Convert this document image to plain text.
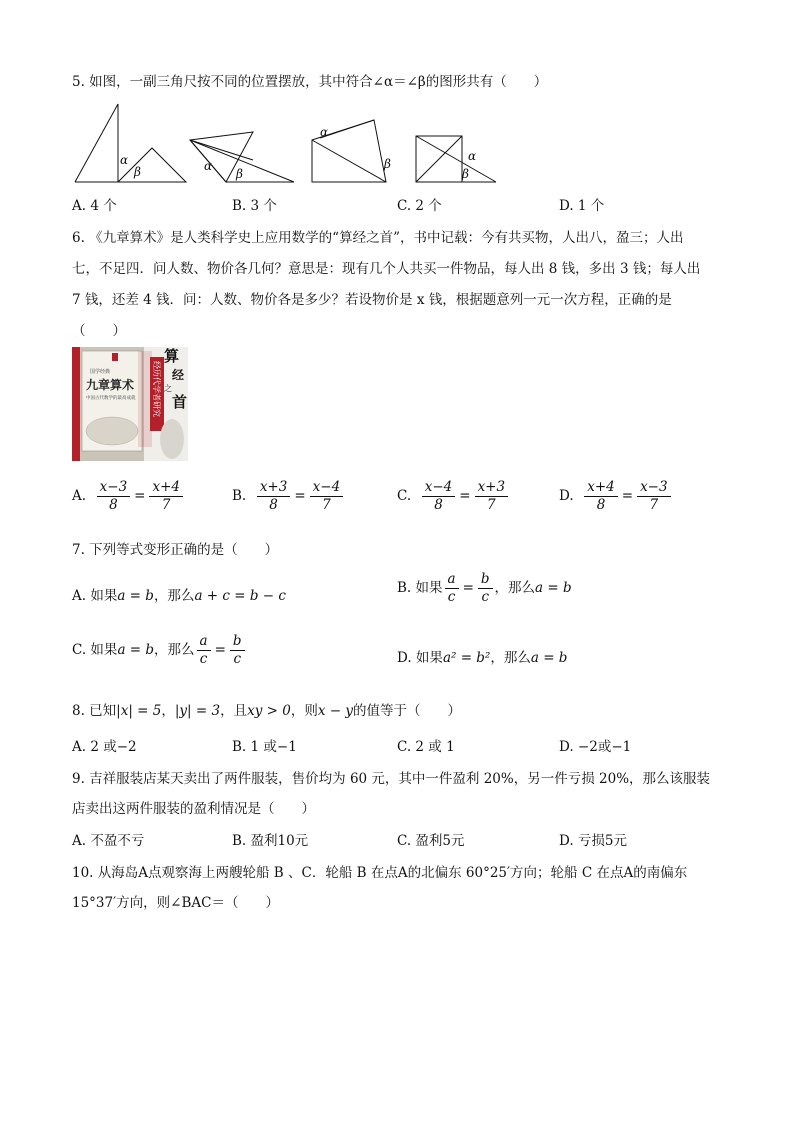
5. 如图，一副三角尺按不同的位置摆放，其中符合∠α＝∠β的图形共有（　　）
α
β	α
β
α
β
α
β
A. 4 个	B. 3 个	C. 2 个	D. 1 个
6. 《九章算术》是人类科学史上应用数学的“算经之首”，书中记载：今有共买物，人出八，盈三；人出
七，不足四．问人数、物价各几何？意思是：现有几个人共买一件物品，每人出 8 钱，多出 3 钱；每人出
7 钱，还差 4 钱．问：人数、物价各是多少？若设物价是 x 钱，根据题意列一元一次方程，正确的是
（　　）
国学经典
九章算术
中国古代数学的最高成就 经历代学者研究
算
经
之
首
A. $\frac{x-3}{8} = \frac{x+4}{7}$	B. $\frac{x+3}{8} = \frac{x-4}{7}$	C. $\frac{x-4}{8} = \frac{x+3}{7}$	D. $\frac{x+4}{8} = \frac{x-3}{7}$
7. 下列等式变形正确的是（　　）
A. 如果a = b，那么a + c = b − c
B. 如果 $\frac{a}{c} = \frac{b}{c}$ ，那么a = b
C. 如果a = b，那么 $\frac{a}{c} = \frac{b}{c}$	D. 如果a² = b²，那么a = b
8. 已知|x| = 5，|y| = 3，且xy > 0，则x − y的值等于（　　）
A. 2 或−2	B. 1 或−1	C. 2 或 1	D. −2或−1
9. 吉祥服装店某天卖出了两件服装，售价均为 60 元，其中一件盈利 20%，另一件亏损 20%，那么该服装
店卖出这两件服装的盈利情况是（　　）
A. 不盈不亏	B. 盈利10元	C. 盈利5元	D. 亏损5元
10. 从海岛A点观察海上两艘轮船 B 、C．轮船 B 在点A的北偏东 60°25′方向；轮船 C 在点A的南偏东
15°37′方向，则∠BAC＝（　　）
